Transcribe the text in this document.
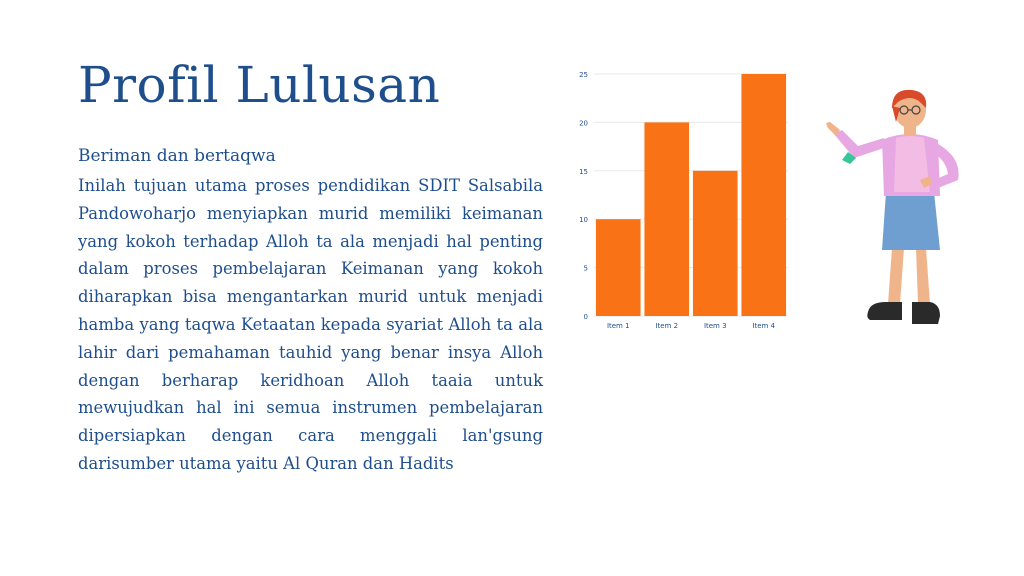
Profil Lulusan
Beriman dan bertaqwa
Inilah tujuan utama proses pendidikan SDIT Salsabila Pandowoharjo menyiapkan murid memiliki keimanan yang kokoh terhadap Alloh ta ala menjadi hal penting dalam proses pembelajaran Keimanan yang kokoh diharapkan bisa mengantarkan murid untuk menjadi hamba yang taqwa Ketaatan kepada syariat Alloh ta ala lahir dari pemahaman tauhid yang benar insya Alloh dengan berharap keridhoan Alloh taaia untuk mewujudkan hal ini semua instrumen pembelajaran dipersiapkan dengan cara menggali lan'gsung darisumber utama yaitu Al Quran dan Hadits
0
5
10
15
20
25
Item 1	Item 2	Item 3	Item 4
